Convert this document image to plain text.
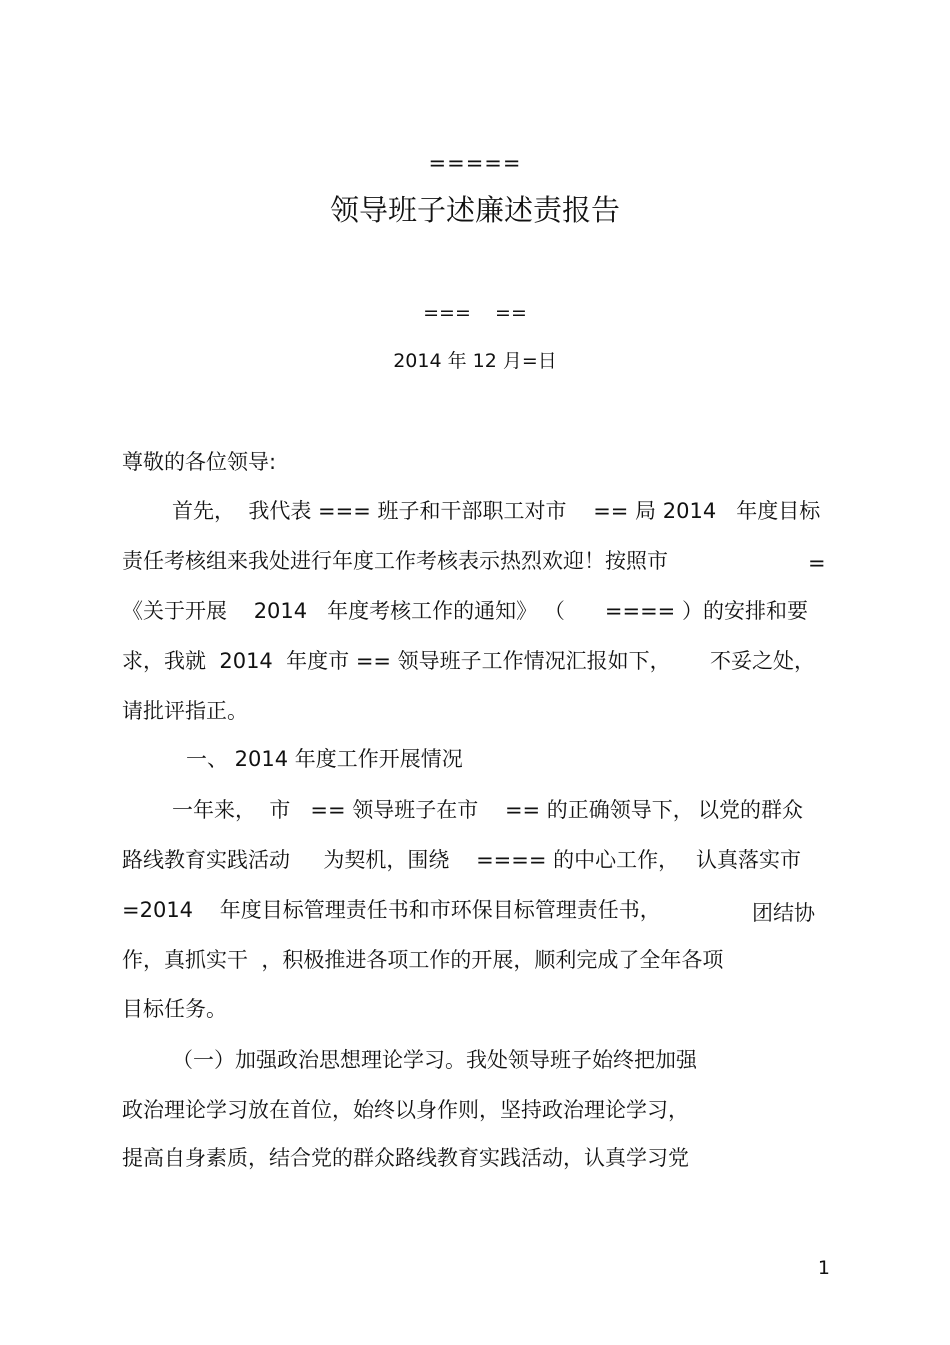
=====
领导班子述廉述责报告
===    ==
2014 年 12 月=日
尊敬的各位领导:
首先，  我代表 === 班子和干部职工对市    == 局 2014   年度目标
责任考核组来我处进行年度工作考核表示热烈欢迎！按照市	=
《关于开展    2014   年度考核工作的通知》 （      ==== ）的安排和要
求，我就  2014  年度市 == 领导班子工作情况汇报如下， 不妥之处，
请批评指正。
一、 2014 年度工作开展情况
一年来，  市   == 领导班子在市    == 的正确领导下， 以党的群众
路线教育实践活动     为契机，围绕    ==== 的中心工作， 认真落实市
=2014    年度目标管理责任书和市环保目标管理责任书，	团结协
作，真抓实干  ，积极推进各项工作的开展，顺利完成了全年各项
目标任务。
（一）加强政治思想理论学习。我处领导班子始终把加强
政治理论学习放在首位，始终以身作则，坚持政治理论学习，
提高自身素质，结合党的群众路线教育实践活动，认真学习党
1
